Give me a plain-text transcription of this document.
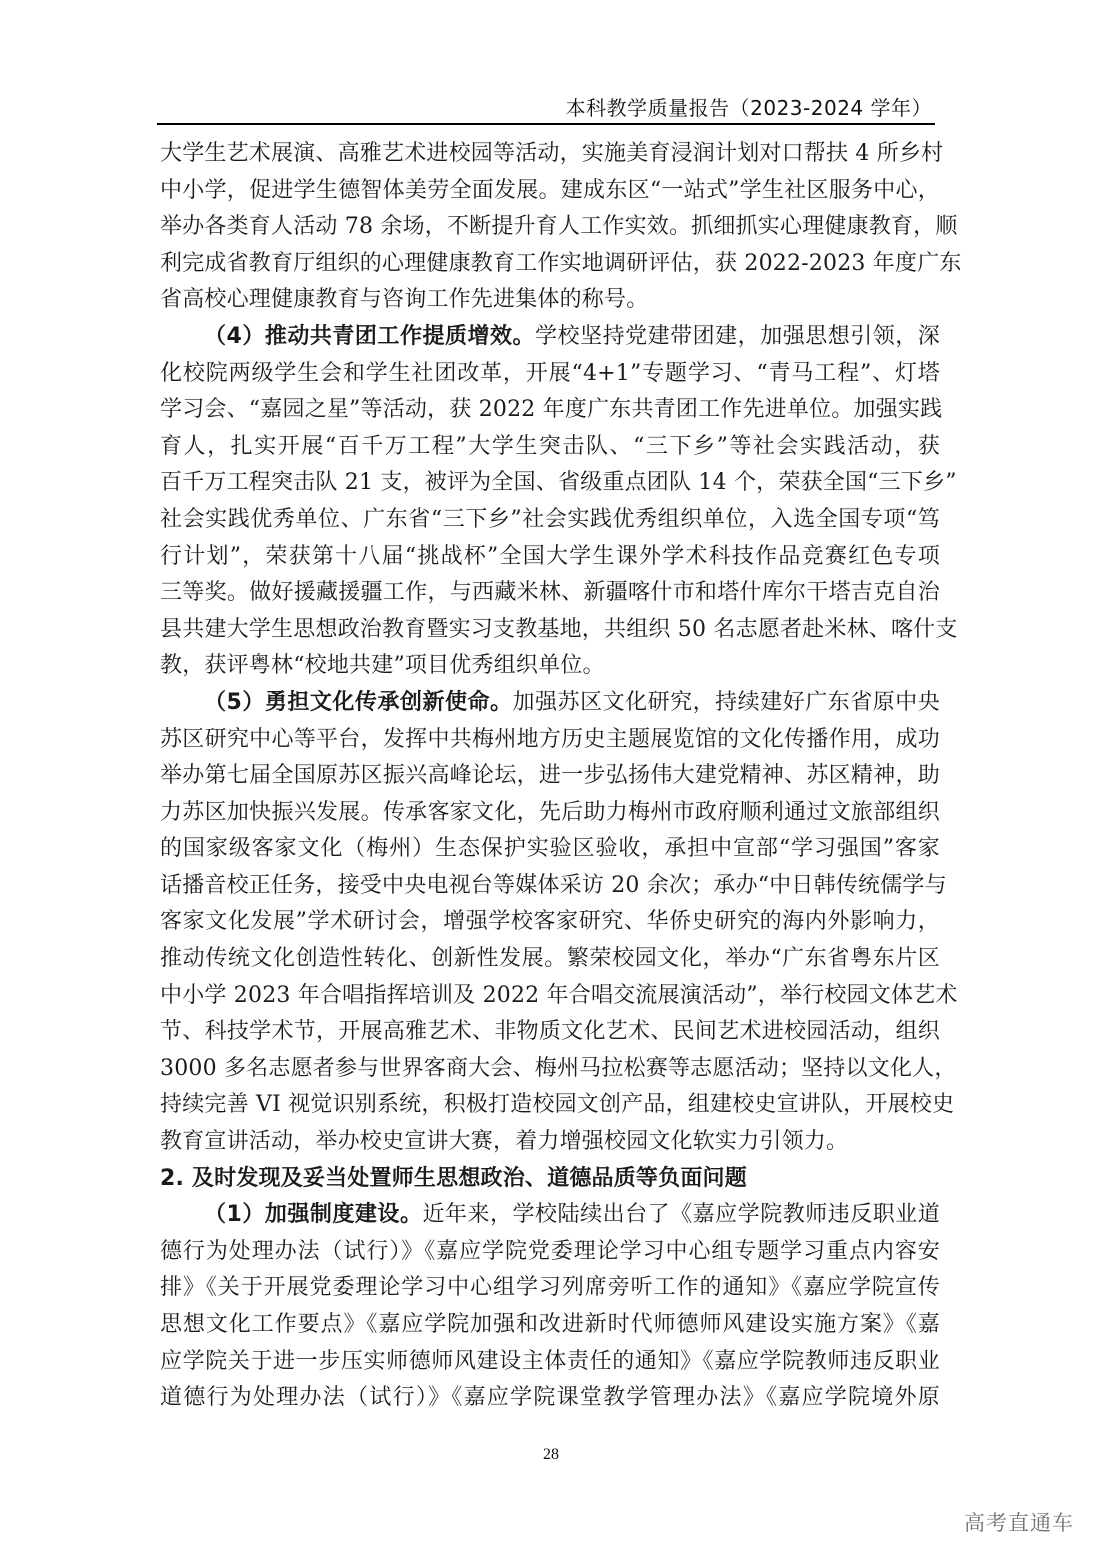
本科教学质量报告（2023-2024 学年）
大学生艺术展演、高雅艺术进校园等活动，实施美育浸润计划对口帮扶 4 所乡村
中小学，促进学生德智体美劳全面发展。建成东区“一站式”学生社区服务中心，
举办各类育人活动 78 余场，不断提升育人工作实效。抓细抓实心理健康教育，顺
利完成省教育厅组织的心理健康教育工作实地调研评估，获 2022-2023 年度广东
省高校心理健康教育与咨询工作先进集体的称号。
（4）推动共青团工作提质增效。学校坚持党建带团建，加强思想引领，深
化校院两级学生会和学生社团改革，开展“4+1”专题学习、“青马工程”、灯塔
学习会、“嘉园之星”等活动，获 2022 年度广东共青团工作先进单位。加强实践
育人，扎实开展“百千万工程”大学生突击队、“三下乡”等社会实践活动，获
百千万工程突击队 21 支，被评为全国、省级重点团队 14 个，荣获全国“三下乡”
社会实践优秀单位、广东省“三下乡”社会实践优秀组织单位，入选全国专项“笃
行计划”，荣获第十八届“挑战杯”全国大学生课外学术科技作品竞赛红色专项
三等奖。做好援藏援疆工作，与西藏米林、新疆喀什市和塔什库尔干塔吉克自治
县共建大学生思想政治教育暨实习支教基地，共组织 50 名志愿者赴米林、喀什支
教，获评粤林“校地共建”项目优秀组织单位。
（5）勇担文化传承创新使命。加强苏区文化研究，持续建好广东省原中央
苏区研究中心等平台，发挥中共梅州地方历史主题展览馆的文化传播作用，成功
举办第七届全国原苏区振兴高峰论坛，进一步弘扬伟大建党精神、苏区精神，助
力苏区加快振兴发展。传承客家文化，先后助力梅州市政府顺利通过文旅部组织
的国家级客家文化（梅州）生态保护实验区验收，承担中宣部“学习强国”客家
话播音校正任务，接受中央电视台等媒体采访 20 余次；承办“中日韩传统儒学与
客家文化发展”学术研讨会，增强学校客家研究、华侨史研究的海内外影响力，
推动传统文化创造性转化、创新性发展。繁荣校园文化，举办“广东省粤东片区
中小学 2023 年合唱指挥培训及 2022 年合唱交流展演活动”，举行校园文体艺术
节、科技学术节，开展高雅艺术、非物质文化艺术、民间艺术进校园活动，组织
3000 多名志愿者参与世界客商大会、梅州马拉松赛等志愿活动；坚持以文化人，
持续完善 VI 视觉识别系统，积极打造校园文创产品，组建校史宣讲队，开展校史
教育宣讲活动，举办校史宣讲大赛，着力增强校园文化软实力引领力。
2. 及时发现及妥当处置师生思想政治、道德品质等负面问题
（1）加强制度建设。近年来，学校陆续出台了《嘉应学院教师违反职业道
德行为处理办法（试行）》《嘉应学院党委理论学习中心组专题学习重点内容安
排》《关于开展党委理论学习中心组学习列席旁听工作的通知》《嘉应学院宣传
思想文化工作要点》《嘉应学院加强和改进新时代师德师风建设实施方案》《嘉
应学院关于进一步压实师德师风建设主体责任的通知》《嘉应学院教师违反职业
道德行为处理办法（试行）》《嘉应学院课堂教学管理办法》《嘉应学院境外原
28
高考直通车
